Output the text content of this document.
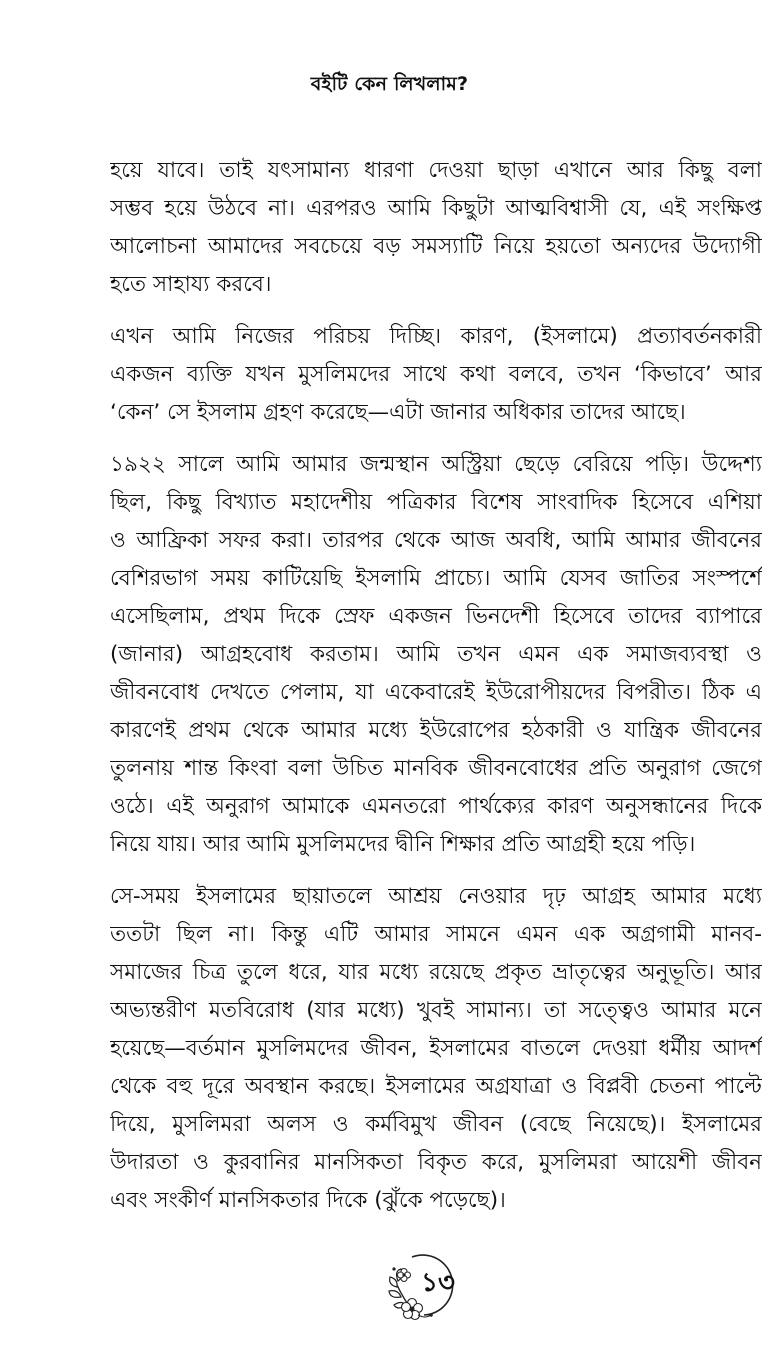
বইটি কেন লিখলাম?
হয়ে যাবে। তাই যৎসামান্য ধারণা দেওয়া ছাড়া এখানে আর কিছু বলা
সম্ভব হয়ে উঠবে না। এরপরও আমি কিছুটা আত্মবিশ্বাসী যে, এই সংক্ষিপ্ত
আলোচনা আমাদের সবচেয়ে বড় সমস্যাটি নিয়ে হয়তো অন্যদের উদ্যোগী
হতে সাহায্য করবে।
এখন আমি নিজের পরিচয় দিচ্ছি। কারণ, (ইসলামে) প্রত্যাবর্তনকারী
একজন ব্যক্তি যখন মুসলিমদের সাথে কথা বলবে, তখন ‘কিভাবে’ আর
‘কেন’ সে ইসলাম গ্রহণ করেছে—এটা জানার অধিকার তাদের আছে।
১৯২২ সালে আমি আমার জন্মস্থান অস্ট্রিয়া ছেড়ে বেরিয়ে পড়ি। উদ্দেশ্য
ছিল, কিছু বিখ্যাত মহাদেশীয় পত্রিকার বিশেষ সাংবাদিক হিসেবে এশিয়া
ও আফ্রিকা সফর করা। তারপর থেকে আজ অবধি, আমি আমার জীবনের
বেশিরভাগ সময় কাটিয়েছি ইসলামি প্রাচ্যে। আমি যেসব জাতির সংস্পর্শে
এসেছিলাম, প্রথম দিকে স্রেফ একজন ভিনদেশী হিসেবে তাদের ব্যাপারে
(জানার) আগ্রহবোধ করতাম। আমি তখন এমন এক সমাজব্যবস্থা ও
জীবনবোধ দেখতে পেলাম, যা একেবারেই ইউরোপীয়দের বিপরীত। ঠিক এ
কারণেই প্রথম থেকে আমার মধ্যে ইউরোপের হঠকারী ও যান্ত্রিক জীবনের
তুলনায় শান্ত কিংবা বলা উচিত মানবিক জীবনবোধের প্রতি অনুরাগ জেগে
ওঠে। এই অনুরাগ আমাকে এমনতরো পার্থক্যের কারণ অনুসন্ধানের দিকে
নিয়ে যায়। আর আমি মুসলিমদের দ্বীনি শিক্ষার প্রতি আগ্রহী হয়ে পড়ি।
সে-সময় ইসলামের ছায়াতলে আশ্রয় নেওয়ার দৃঢ় আগ্রহ আমার মধ্যে
ততটা ছিল না। কিন্তু এটি আমার সামনে এমন এক অগ্রগামী মানব-
সমাজের চিত্র তুলে ধরে, যার মধ্যে রয়েছে প্রকৃত ভ্রাতৃত্বের অনুভূতি। আর
অভ্যন্তরীণ মতবিরোধ (যার মধ্যে) খুবই সামান্য। তা সত্ত্বেও আমার মনে
হয়েছে—বর্তমান মুসলিমদের জীবন, ইসলামের বাতলে দেওয়া ধর্মীয় আদর্শ
থেকে বহু দূরে অবস্থান করছে। ইসলামের অগ্রযাত্রা ও বিপ্লবী চেতনা পাল্টে
দিয়ে, মুসলিমরা অলস ও কর্মবিমুখ জীবন (বেছে নিয়েছে)। ইসলামের
উদারতা ও কুরবানির মানসিকতা বিকৃত করে, মুসলিমরা আয়েশী জীবন
এবং সংকীর্ণ মানসিকতার দিকে (ঝুঁকে পড়েছে)।
১৩
